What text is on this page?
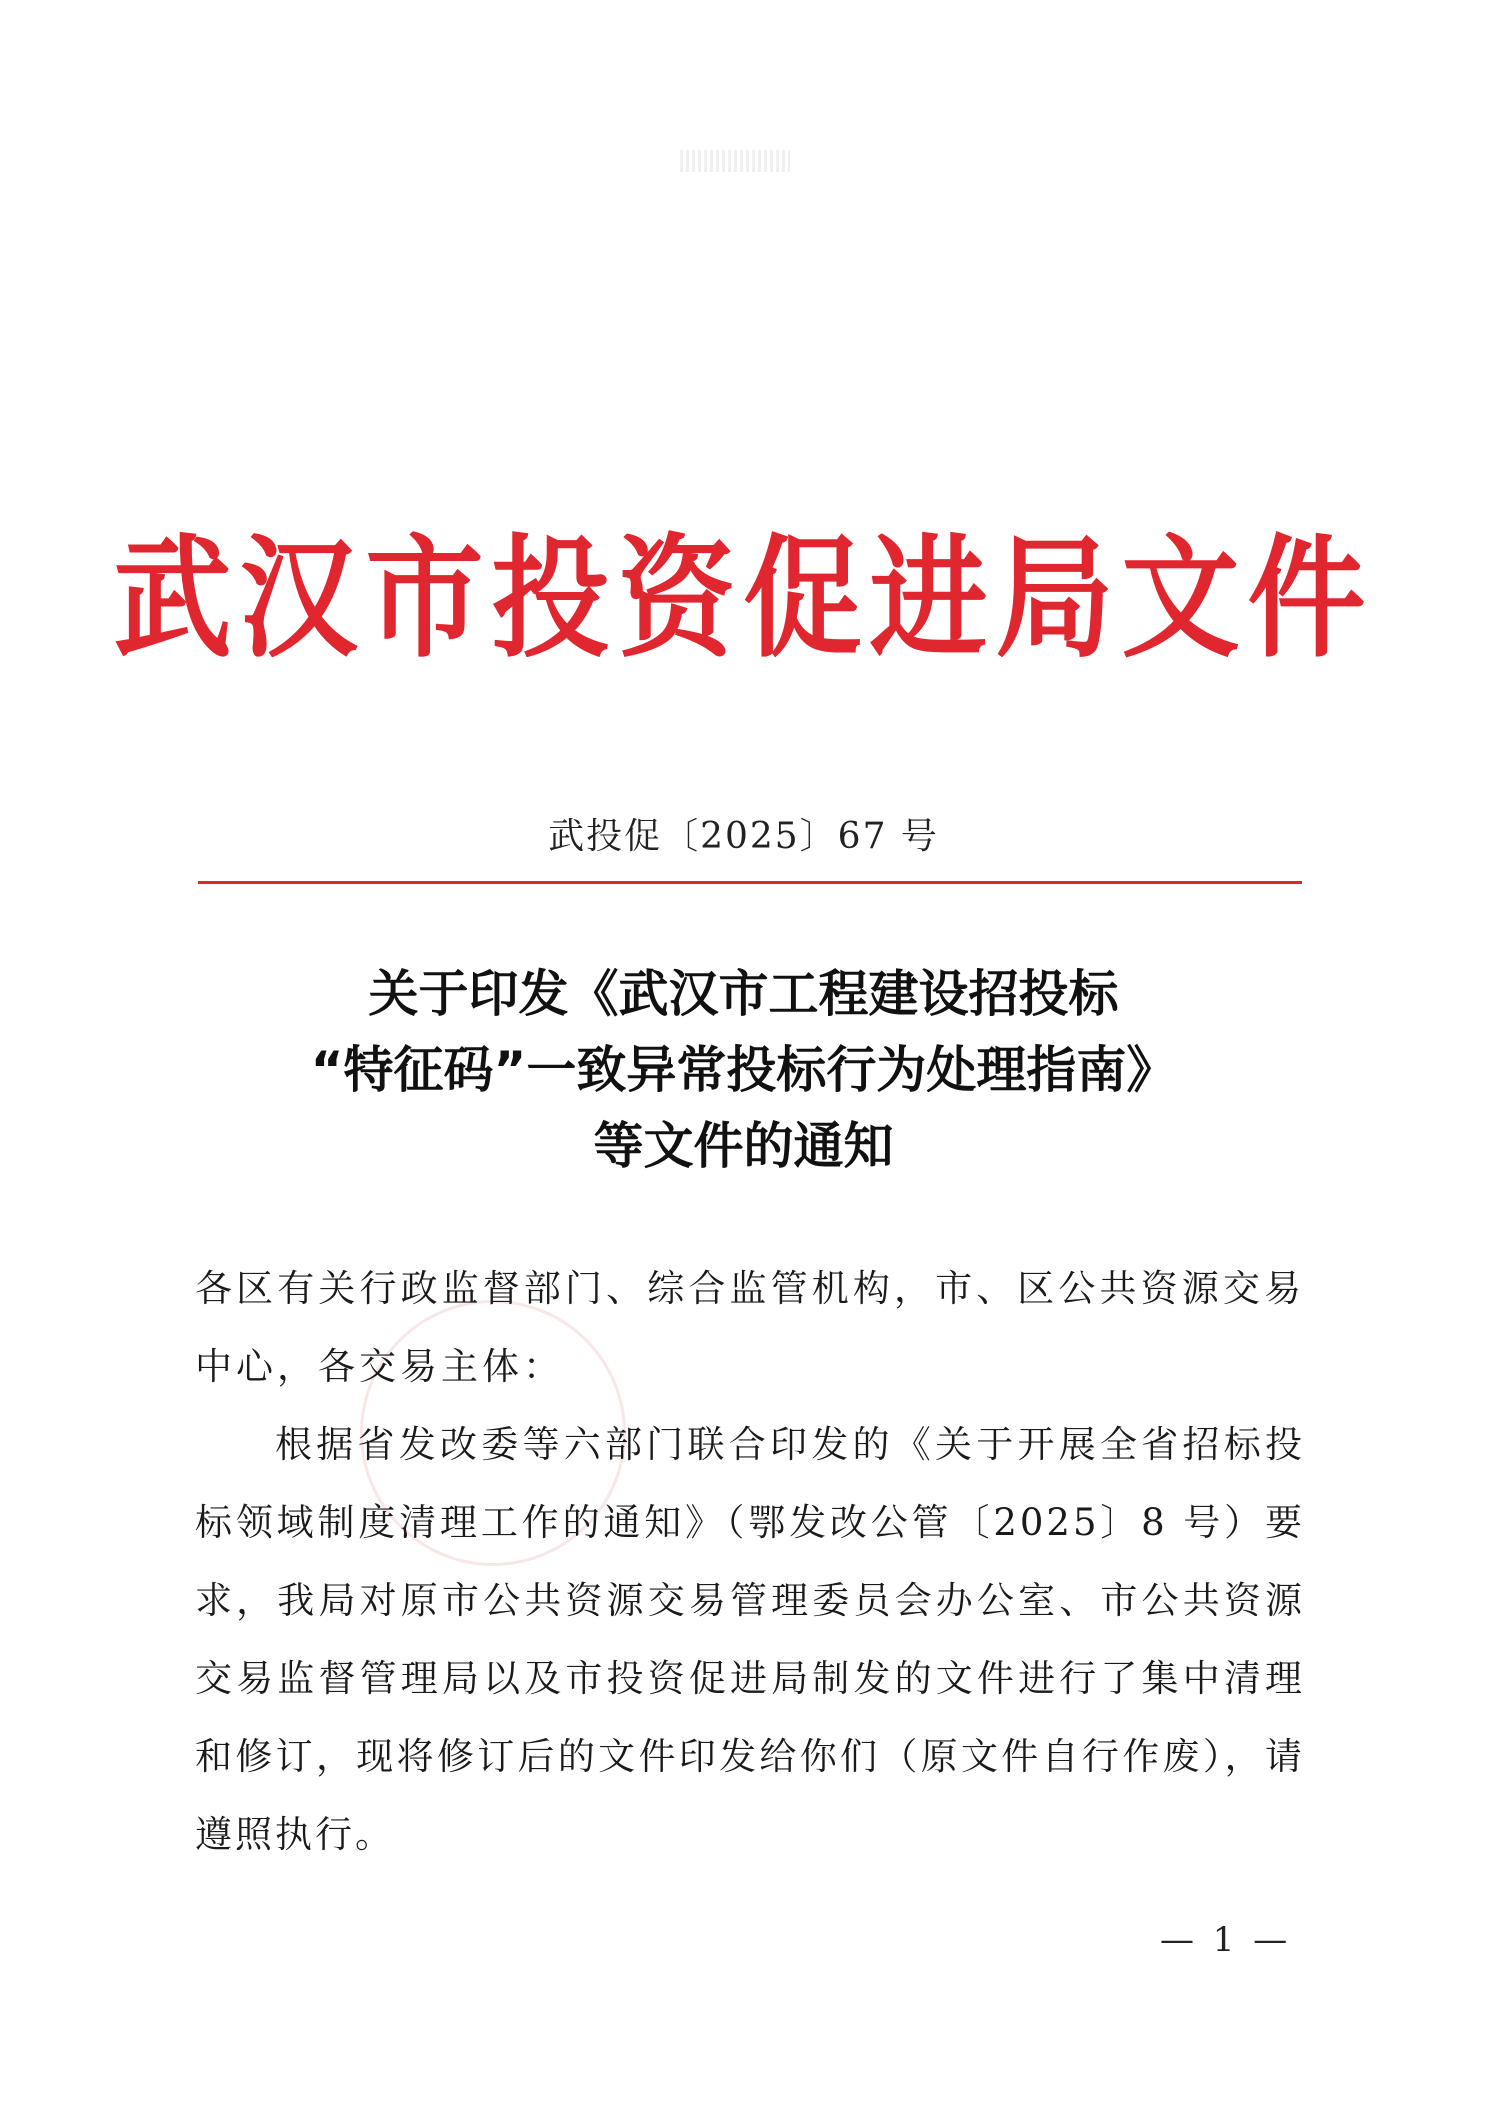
武汉市投资促进局文件
武投促〔2025〕67 号
关于印发《武汉市工程建设招投标
“特征码”一致异常投标行为处理指南》
等文件的通知
各区有关行政监督部门、综合监管机构，市、区公共资源交易中心，各交易主体：
根据省发改委等六部门联合印发的《关于开展全省招标投标领域制度清理工作的通知》（鄂发改公管〔2025〕8 号）要求，我局对原市公共资源交易管理委员会办公室、市公共资源交易监督管理局以及市投资促进局制发的文件进行了集中清理和修订，现将修订后的文件印发给你们（原文件自行作废），请遵照执行。
— 1 —
